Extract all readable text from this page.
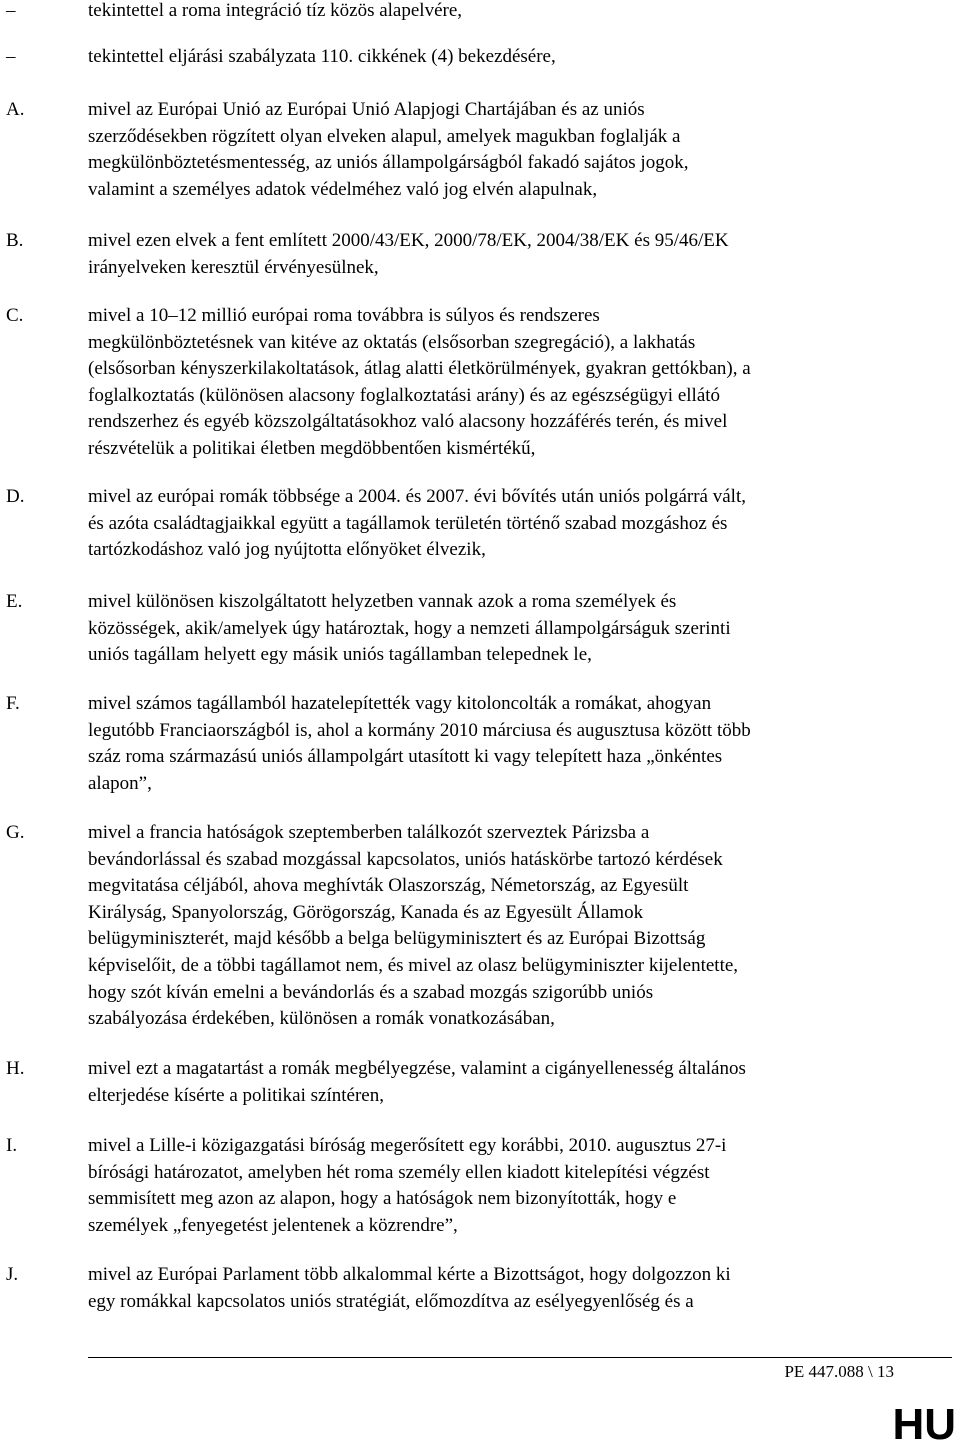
–	tekintettel a roma integráció tíz közös alapelvére,
–	tekintettel eljárási szabályzata 110. cikkének (4) bekezdésére,
A.	mivel az Európai Unió az Európai Unió Alapjogi Chartájában és az uniós
szerződésekben rögzített olyan elveken alapul, amelyek magukban foglalják a
megkülönböztetésmentesség, az uniós állampolgárságból fakadó sajátos jogok,
valamint a személyes adatok védelméhez való jog elvén alapulnak,
B.	mivel ezen elvek a fent említett 2000/43/EK, 2000/78/EK, 2004/38/EK és 95/46/EK
irányelveken keresztül érvényesülnek,
C.	mivel a 10–12 millió európai roma továbbra is súlyos és rendszeres
megkülönböztetésnek van kitéve az oktatás (elsősorban szegregáció), a lakhatás
(elsősorban kényszerkilakoltatások, átlag alatti életkörülmények, gyakran gettókban), a
foglalkoztatás (különösen alacsony foglalkoztatási arány) és az egészségügyi ellátó
rendszerhez és egyéb közszolgáltatásokhoz való alacsony hozzáférés terén, és mivel
részvételük a politikai életben megdöbbentően kismértékű,
D.	mivel az európai romák többsége a 2004. és 2007. évi bővítés után uniós polgárrá vált,
és azóta családtagjaikkal együtt a tagállamok területén történő szabad mozgáshoz és
tartózkodáshoz való jog nyújtotta előnyöket élvezik,
E.	mivel különösen kiszolgáltatott helyzetben vannak azok a roma személyek és
közösségek, akik/amelyek úgy határoztak, hogy a nemzeti állampolgárságuk szerinti
uniós tagállam helyett egy másik uniós tagállamban telepednek le,
F.	mivel számos tagállamból hazatelepítették vagy kitoloncolták a romákat, ahogyan
legutóbb Franciaországból is, ahol a kormány 2010 márciusa és augusztusa között több
száz roma származású uniós állampolgárt utasított ki vagy telepített haza „önkéntes
alapon”,
G.	mivel a francia hatóságok szeptemberben találkozót szerveztek Párizsba a
bevándorlással és szabad mozgással kapcsolatos, uniós hatáskörbe tartozó kérdések
megvitatása céljából, ahova meghívták Olaszország, Németország, az Egyesült
Királyság, Spanyolország, Görögország, Kanada és az Egyesült Államok
belügyminiszterét, majd később a belga belügyminisztert és az Európai Bizottság
képviselőit, de a többi tagállamot nem, és mivel az olasz belügyminiszter kijelentette,
hogy szót kíván emelni a bevándorlás és a szabad mozgás szigorúbb uniós
szabályozása érdekében, különösen a romák vonatkozásában,
H.	mivel ezt a magatartást a romák megbélyegzése, valamint a cigányellenesség általános
elterjedése kísérte a politikai színtéren,
I.	mivel a Lille-i közigazgatási bíróság megerősített egy korábbi, 2010. augusztus 27-i
bírósági határozatot, amelyben hét roma személy ellen kiadott kitelepítési végzést
semmisített meg azon az alapon, hogy a hatóságok nem bizonyították, hogy e
személyek „fenyegetést jelentenek a közrendre”,
J.	mivel az Európai Parlament több alkalommal kérte a Bizottságot, hogy dolgozzon ki
egy romákkal kapcsolatos uniós stratégiát, előmozdítva az esélyegyenlőség és a
PE 447.088 \ 13
HU
